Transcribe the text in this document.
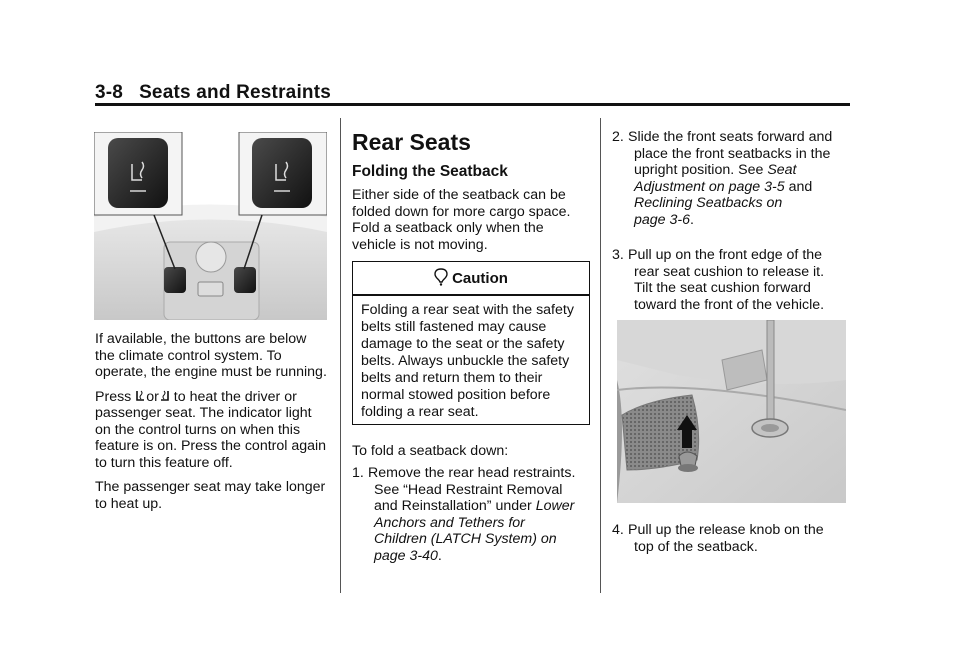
3-8 Seats and Restraints

If available, the buttons are below the climate control system. To operate, the engine must be running.

Press or to heat the driver or
passenger seat. The indicator light on the control turns on when this feature is on. Press the control again to turn this feature off.

The passenger seat may take longer to heat up.

Rear Seats
Folding the Seatback
Either side of the seatback can be folded down for more cargo space. Fold a seatback only when the vehicle is not moving.
Caution
Folding a rear seat with the safety belts still fastened may cause damage to the seat or the safety belts. Always unbuckle the safety belts and return them to their normal stowed position before folding a rear seat.
To fold a seatback down:
1. Remove the rear head restraints.
See “Head Restraint Removal
and Reinstallation” under Lower
Anchors and Tethers for
Children (LATCH System) on
page 3-40.
2. Slide the front seats forward and
place the front seatbacks in the
upright position. See Seat
Adjustment on page 3-5 and
Reclining Seatbacks on
page 3-6.
3. Pull up on the front edge of the
rear seat cushion to release it.
Tilt the seat cushion forward
toward the front of the vehicle.
4. Pull up the release knob on the
top of the seatback.
